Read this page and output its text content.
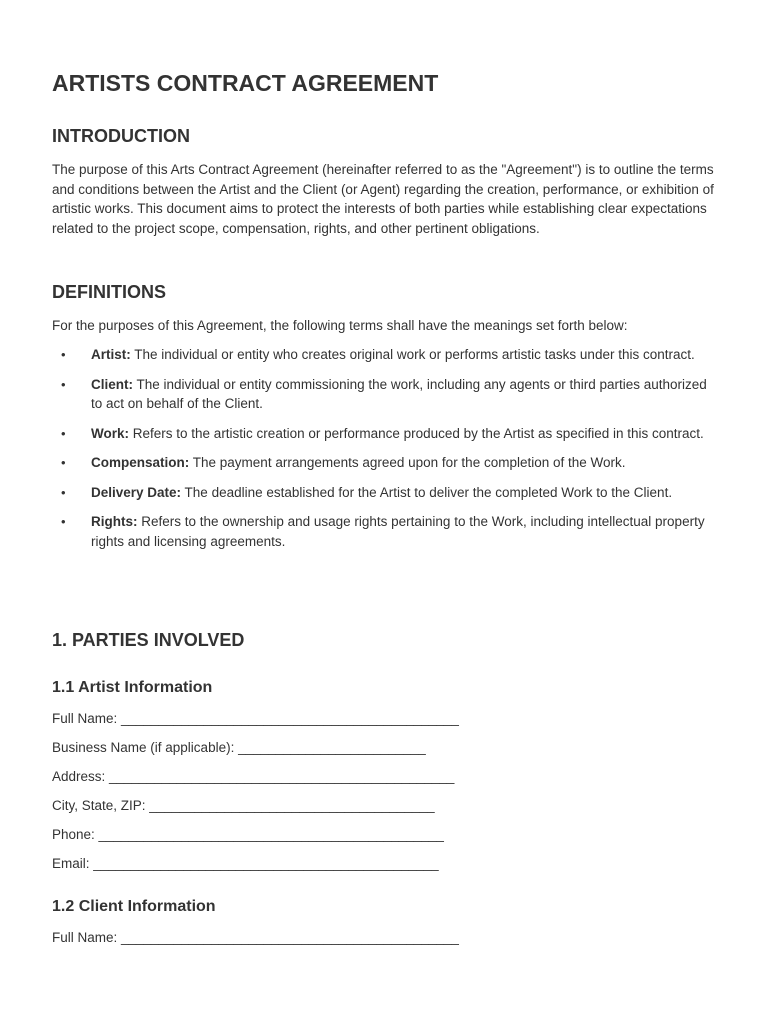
ARTISTS CONTRACT AGREEMENT
INTRODUCTION

The purpose of this Arts Contract Agreement (hereinafter referred to as the "Agreement") is to outline the terms and conditions between the Artist and the Client (or Agent) regarding the creation, performance, or exhibition of artistic works. This document aims to protect the interests of both parties while establishing clear expectations related to the project scope, compensation, rights, and other pertinent obligations.

DEFINITIONS

For the purposes of this Agreement, the following terms shall have the meanings set forth below:

• Artist: The individual or entity who creates original work or performs artistic tasks under this contract.
• Client: The individual or entity commissioning the work, including any agents or third parties authorized to act on behalf of the Client.
• Work: Refers to the artistic creation or performance produced by the Artist as specified in this contract.
• Compensation: The payment arrangements agreed upon for the completion of the Work.
• Delivery Date: The deadline established for the Artist to deliver the completed Work to the Client.
• Rights: Refers to the ownership and usage rights pertaining to the Work, including intellectual property rights and licensing agreements.
1. PARTIES INVOLVED
1.1 Artist Information
Full Name: _____________________________________________
Business Name (if applicable): _________________________
Address: ______________________________________________
City, State, ZIP: ______________________________________
Phone: ______________________________________________
Email: ______________________________________________
1.2 Client Information
Full Name: _____________________________________________
